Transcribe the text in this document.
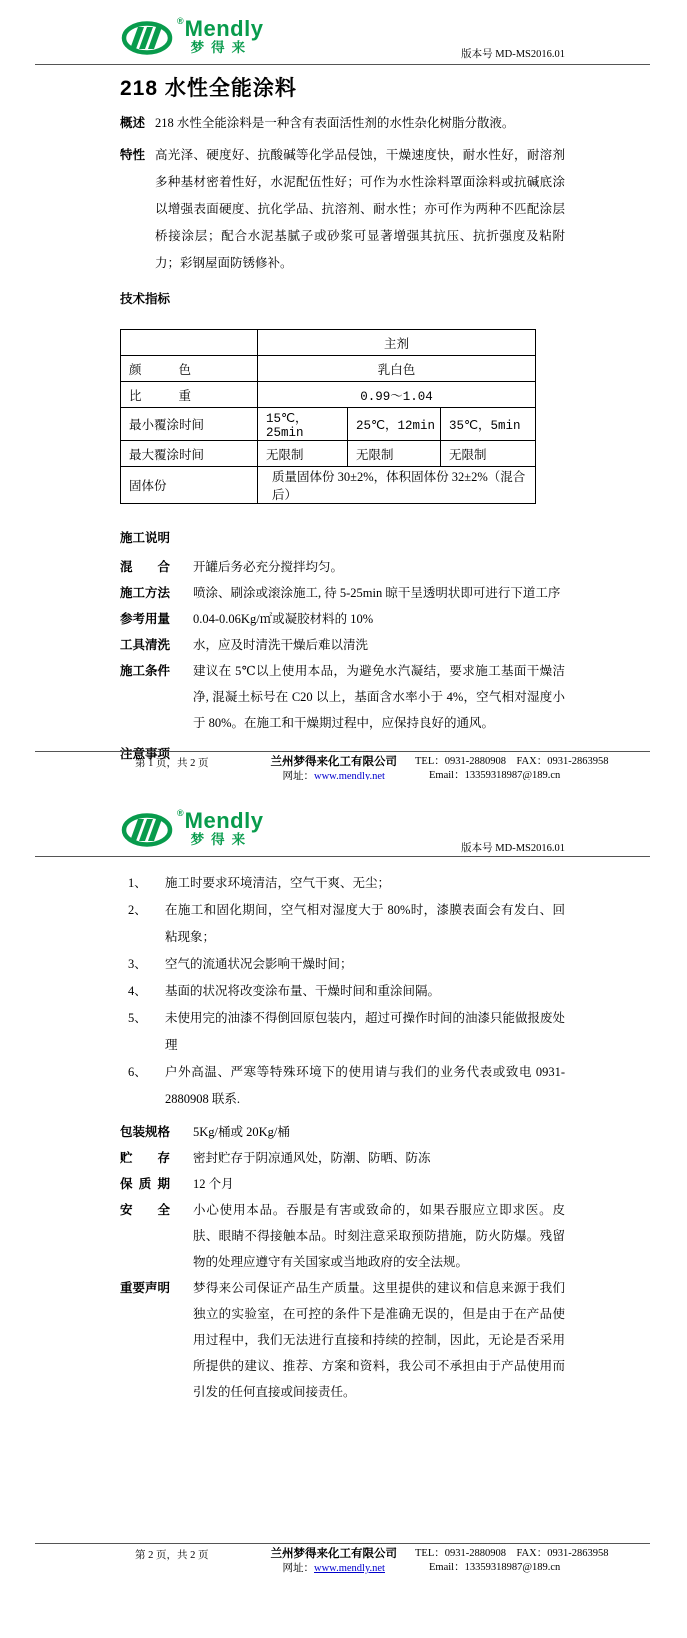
® Mendly
梦得来	版本号 MD-MS2016.01
218 水性全能涂料
概述 218 水性全能涂料是一种含有表面活性剂的水性杂化树脂分散液。
特性 高光泽、硬度好、抗酸碱等化学品侵蚀，干燥速度快，耐水性好，耐溶剂多种基材密着性好，水泥配伍性好；可作为水性涂料罩面涂料或抗碱底涂以增强表面硬度、抗化学品、抗溶剂、耐水性；亦可作为两种不匹配涂层桥接涂层；配合水泥基腻子或砂浆可显著增强其抗压、抗折强度及粘附力；彩钢屋面防锈修补。
技术指标
	主剂		
颜　色	乳白色		
比　重	0.99～1.04		
最小覆涂时间	15℃，25min	25℃，12min	35℃，5min
最大覆涂时间	无限制	无限制	无限制
固体份	质量固体份 30±2%，体积固体份 32±2%（混合后）		
施工说明
混　合 开罐后务必充分搅拌均匀。
施工方法 喷涂、刷涂或滚涂施工, 待 5-25min 晾干呈透明状即可进行下道工序
参考用量 0.04-0.06Kg/㎡或凝胶材料的 10%
工具清洗 水，应及时清洗干燥后难以清洗
施工条件 建议在 5℃以上使用本品，为避免水汽凝结，要求施工基面干燥洁净, 混凝土标号在 C20 以上，基面含水率小于 4%，空气相对湿度小于 80%。在施工和干燥期过程中，应保持良好的通风。
注意事项
第 1 页，共 2 页	兰州梦得来化工有限公司
网址：www.mendly.net
TEL：0931-2880908 FAX：0931-2863958
Email：13359318987@189.cn
® Mendly
梦得来
版本号 MD-MS2016.01
1、	施工时要求环境清洁，空气干爽、无尘；
2、	在施工和固化期间，空气相对湿度大于 80%时，漆膜表面会有发白、回粘现象；
3、	空气的流通状况会影响干燥时间；
4、	基面的状况将改变涂布量、干燥时间和重涂间隔。
5、	未使用完的油漆不得倒回原包装内，超过可操作时间的油漆只能做报废处理
6、	户外高温、严寒等特殊环境下的使用请与我们的业务代表或致电 0931-2880908 联系.
包装规格 5Kg/桶或 20Kg/桶
贮　存 密封贮存于阴凉通风处，防潮、防晒、防冻
保 质 期 12 个月
安　全 小心使用本品。吞服是有害或致命的，如果吞服应立即求医。皮肤、眼睛不得接触本品。时刻注意采取预防措施，防火防爆。残留物的处理应遵守有关国家或当地政府的安全法规。
重要声明 梦得来公司保证产品生产质量。这里提供的建议和信息来源于我们独立的实验室，在可控的条件下是准确无误的，但是由于在产品使用过程中，我们无法进行直接和持续的控制，因此，无论是否采用所提供的建议、推荐、方案和资料，我公司不承担由于产品使用而引发的任何直接或间接责任。
第 2 页，共 2 页	兰州梦得来化工有限公司
网址：www.mendly.net
TEL：0931-2880908 FAX：0931-2863958
Email：13359318987@189.cn
